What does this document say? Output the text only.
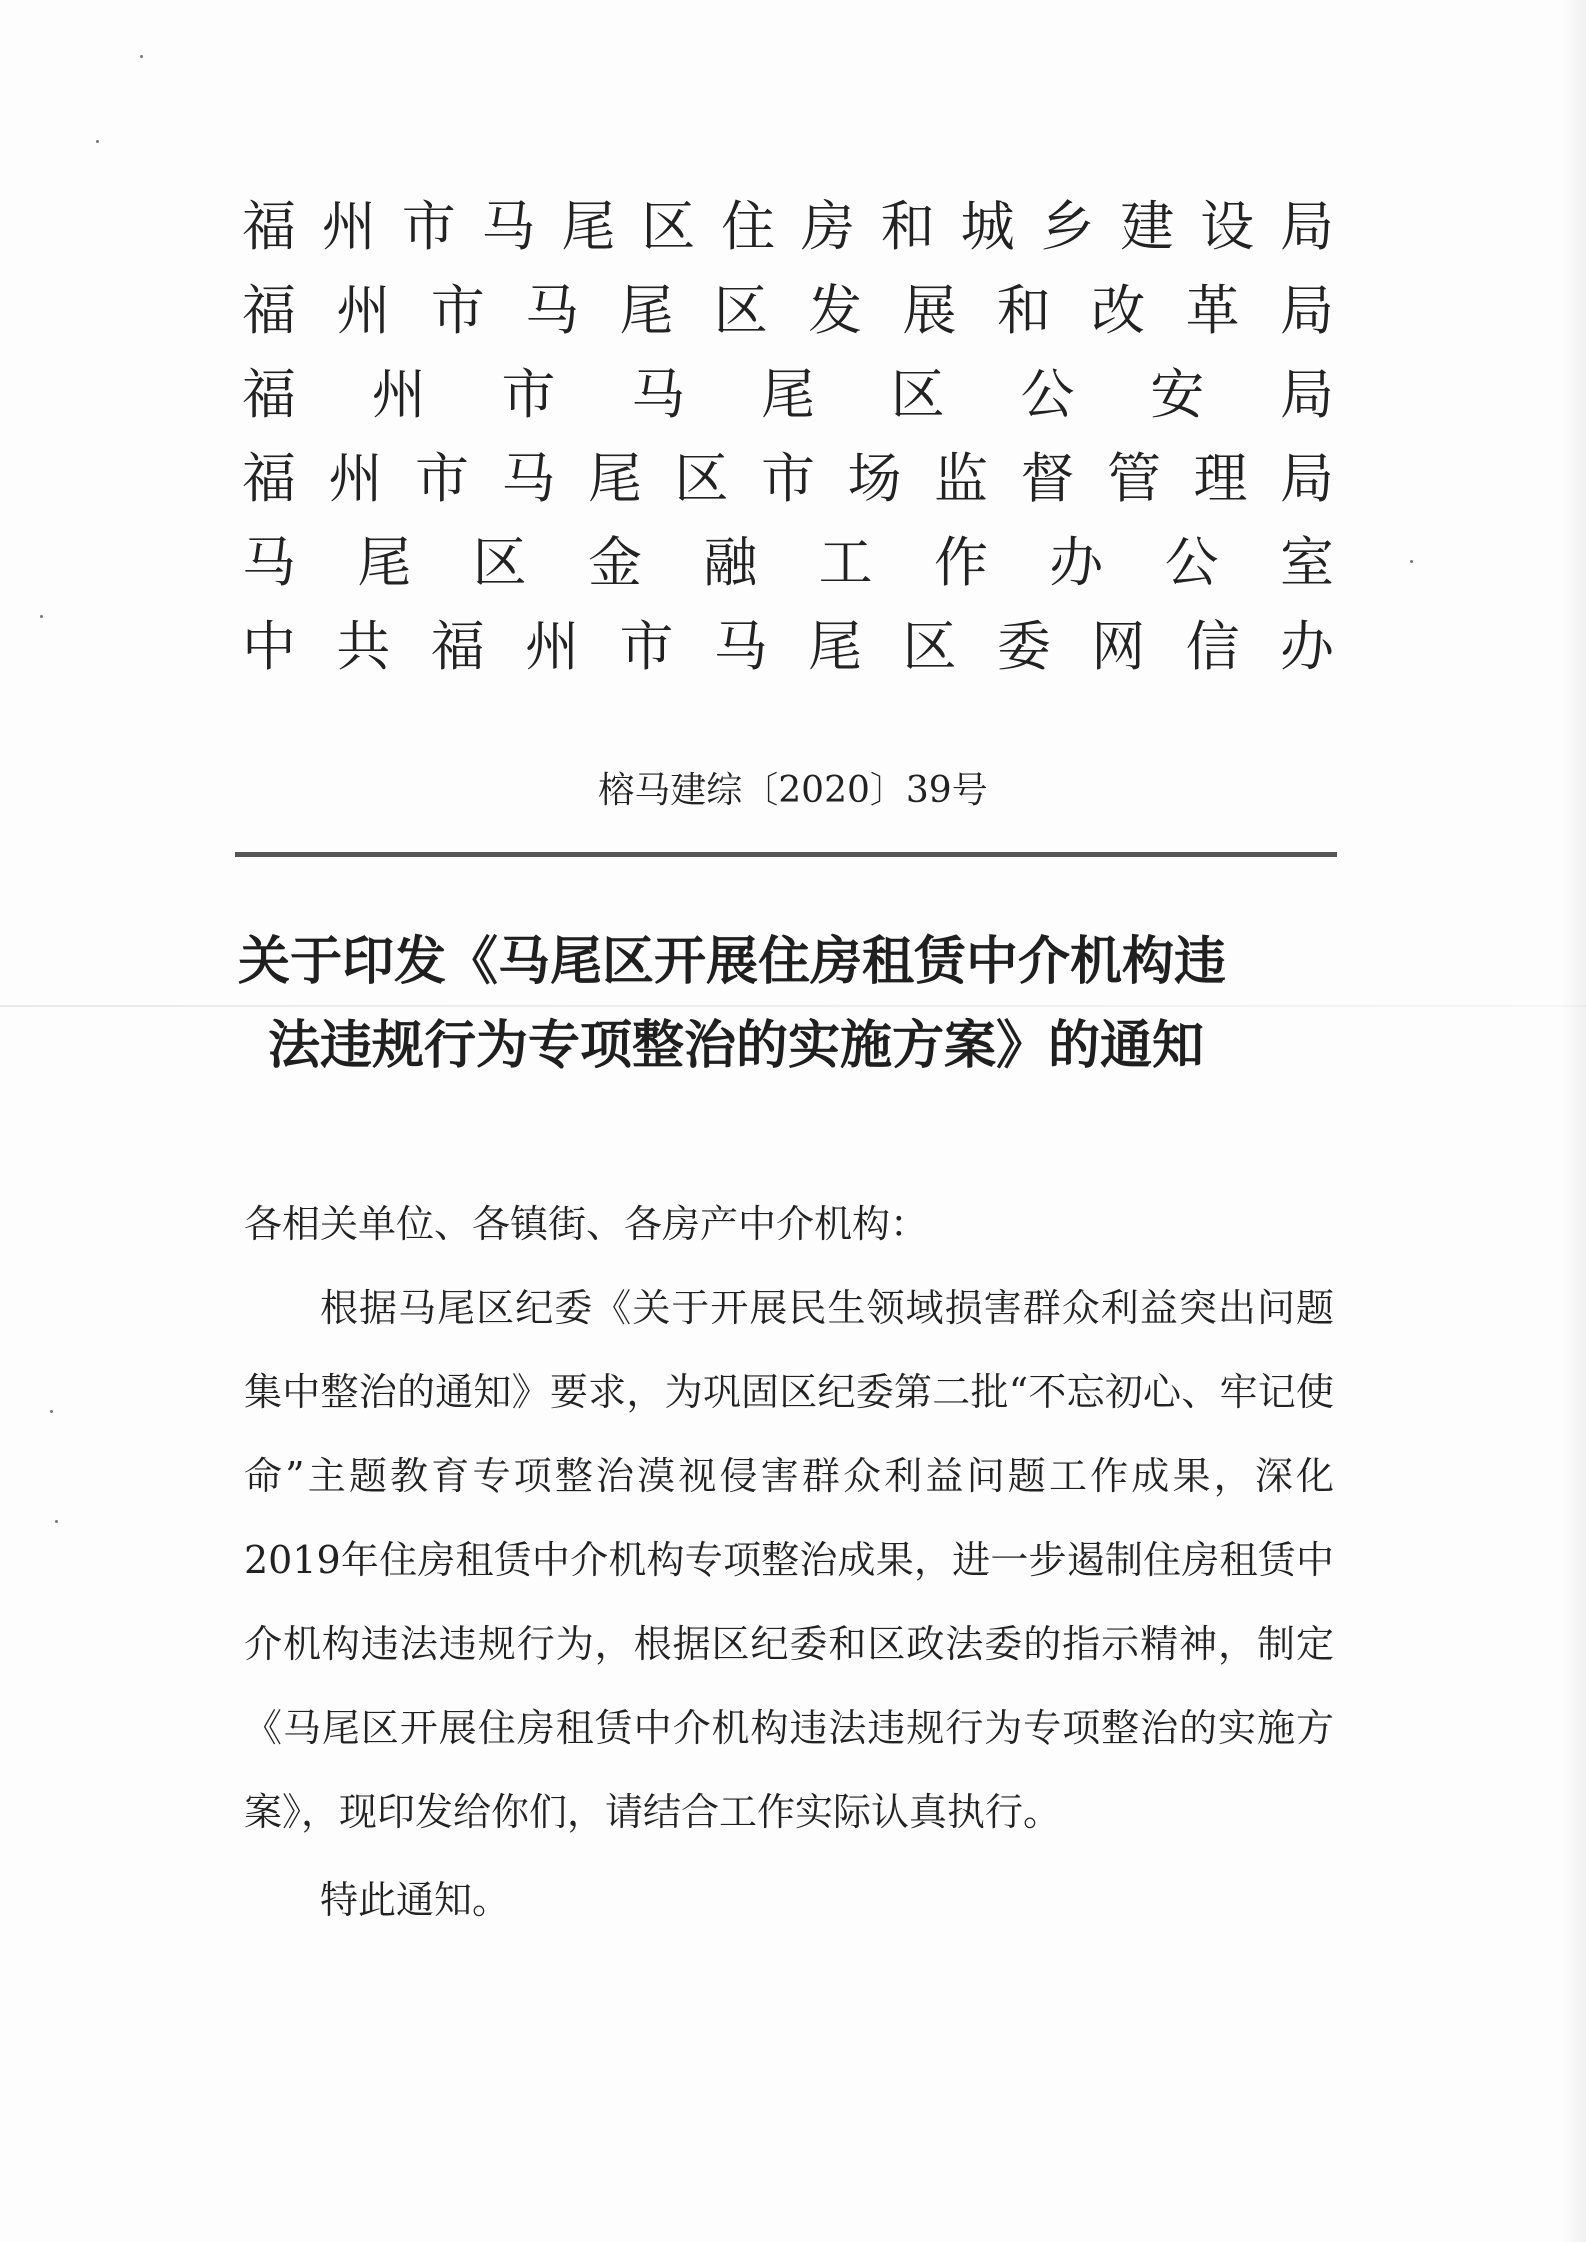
福 州 市 马 尾 区 住 房 和 城 乡 建 设 局
福 州 市 马 尾 区 发 展 和 改 革 局
福 州 市 马 尾 区 公 安 局
福 州 市 马 尾 区 市 场 监 督 管 理 局
马 尾 区 金 融 工 作 办 公 室
中 共 福 州 市 马 尾 区 委 网 信 办
榕马建综〔2020〕39号
关于印发《马尾区开展住房租赁中介机构违
法违规行为专项整治的实施方案》的通知

各相关单位、各镇街、各房产中介机构：

根据马尾区纪委《关于开展民生领域损害群众利益突出问题集中整治的通知》要求，为巩固区纪委第二批“不忘初心、牢记使命”主题教育专项整治漠视侵害群众利益问题工作成果，深化2019年住房租赁中介机构专项整治成果，进一步遏制住房租赁中介机构违法违规行为，根据区纪委和区政法委的指示精神，制定《马尾区开展住房租赁中介机构违法违规行为专项整治的实施方案》，现印发给你们，请结合工作实际认真执行。

特此通知。
